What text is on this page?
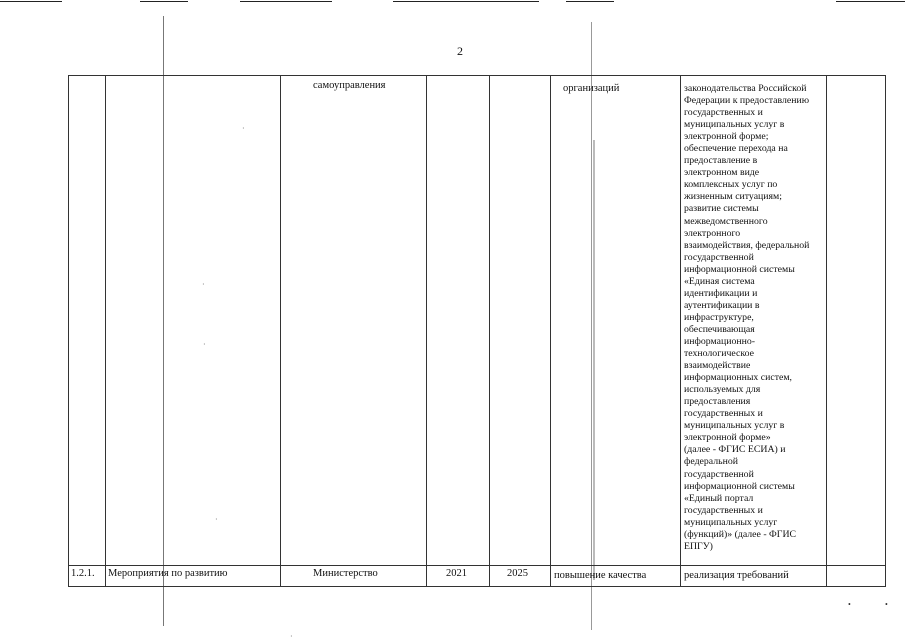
2
самоуправления	организаций	законодательства Российской
Федерации к предоставлению
государственных и
муниципальных услуг в
электронной форме;
обеспечение перехода на
предоставление в
электронном виде
комплексных услуг по
жизненным ситуациям;
развитие системы
межведомственного
электронного
взаимодействия, федеральной
государственной
информационной системы
«Единая система
идентификации и
аутентификации в
инфраструктуре,
обеспечивающая
информационно-
технологическое
взаимодействие
информационных систем,
используемых для
предоставления
государственных и
муниципальных услуг в
электронной форме»
(далее - ФГИС ЕСИА) и
федеральной
государственной
информационной системы
«Единый портал
государственных и
муниципальных услуг
(функций)» (далее - ФГИС
ЕПГУ)
1.2.1. Мероприятия по развитию	Министерство	2021	2025 повышение качества	реализация требований
·
·
·
·
•	•
·
